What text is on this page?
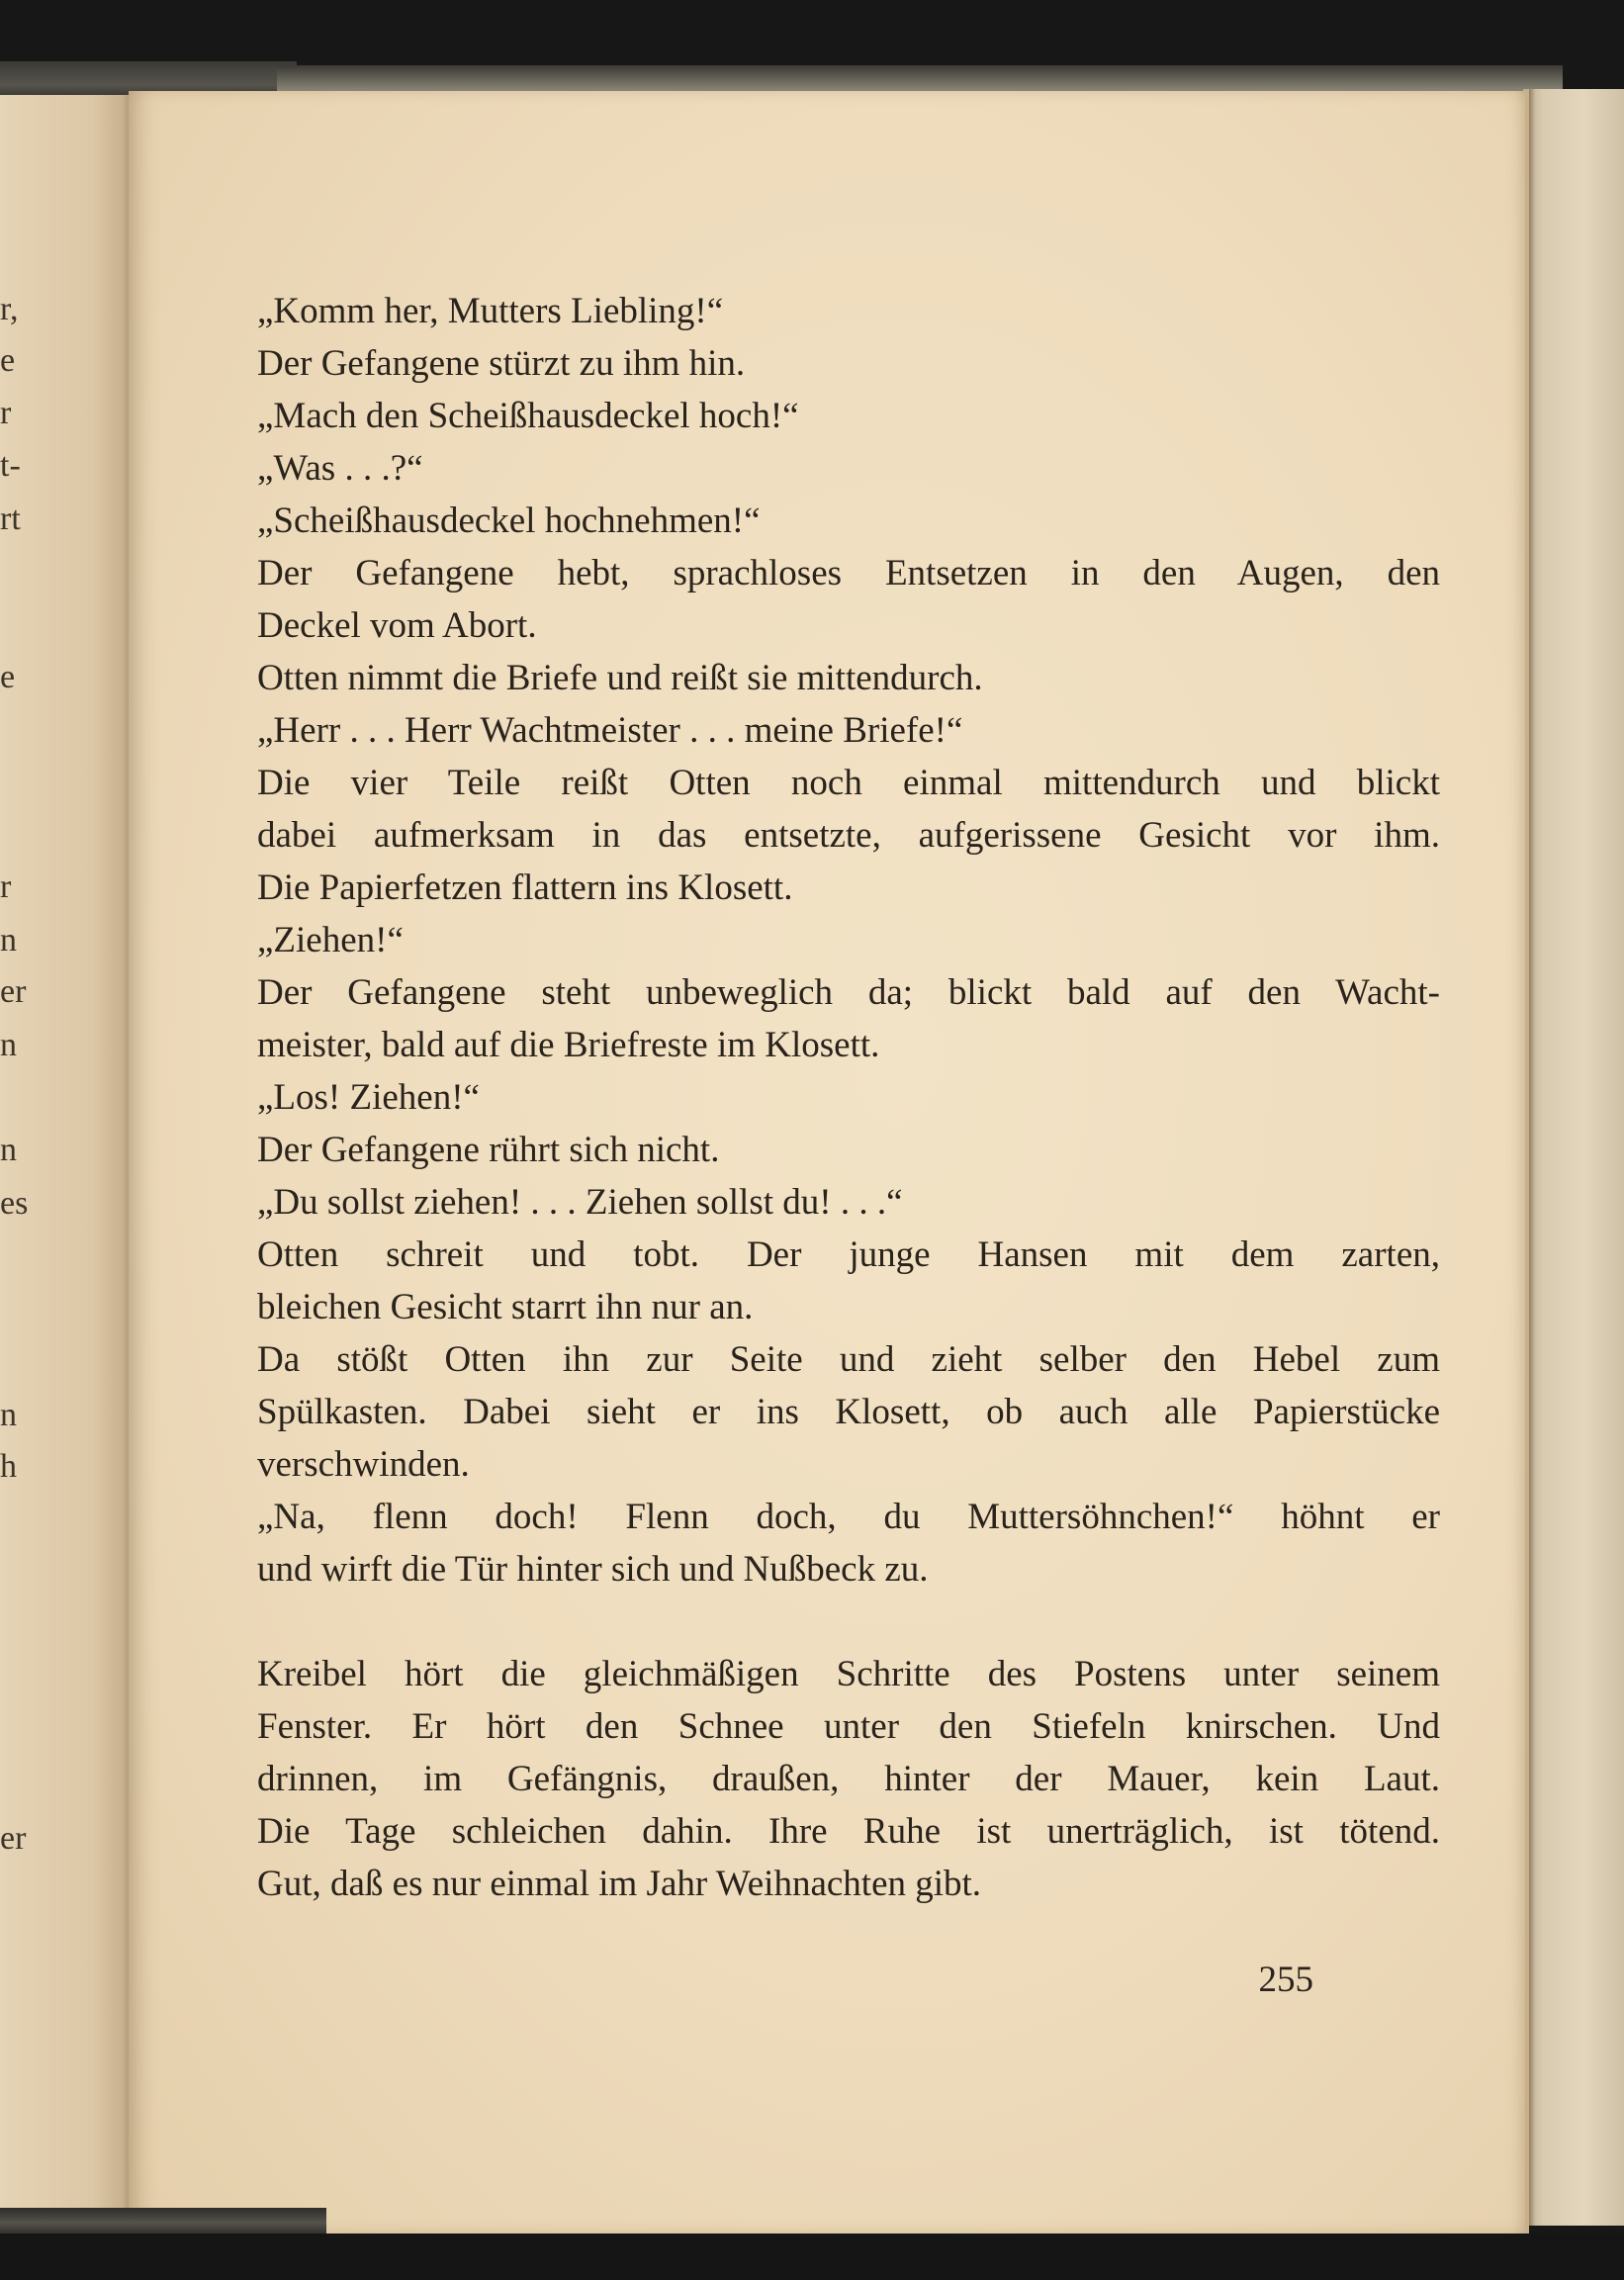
r,
e
r
t-
rt
e
r
n
er
n
n
es
n
h
er
„Komm her, Mutters Liebling!“
Der Gefangene stürzt zu ihm hin.
„Mach den Scheißhausdeckel hoch!“
„Was . . .?“
„Scheißhausdeckel hochnehmen!“
Der Gefangene hebt, sprachloses Entsetzen in den Augen, den
Deckel vom Abort.
Otten nimmt die Briefe und reißt sie mittendurch.
„Herr . . . Herr Wachtmeister . . . meine Briefe!“
Die vier Teile reißt Otten noch einmal mittendurch und blickt
dabei aufmerksam in das entsetzte, aufgerissene Gesicht vor ihm.
Die Papierfetzen flattern ins Klosett.
„Ziehen!“
Der Gefangene steht unbeweglich da; blickt bald auf den Wacht-
meister, bald auf die Briefreste im Klosett.
„Los! Ziehen!“
Der Gefangene rührt sich nicht.
„Du sollst ziehen! . . . Ziehen sollst du! . . .“
Otten schreit und tobt. Der junge Hansen mit dem zarten,
bleichen Gesicht starrt ihn nur an.
Da stößt Otten ihn zur Seite und zieht selber den Hebel zum
Spülkasten. Dabei sieht er ins Klosett, ob auch alle Papierstücke
verschwinden.
„Na, flenn doch! Flenn doch, du Muttersöhnchen!“ höhnt er
und wirft die Tür hinter sich und Nußbeck zu.
Kreibel hört die gleichmäßigen Schritte des Postens unter seinem
Fenster. Er hört den Schnee unter den Stiefeln knirschen. Und
drinnen, im Gefängnis, draußen, hinter der Mauer, kein Laut.
Die Tage schleichen dahin. Ihre Ruhe ist unerträglich, ist tötend.
Gut, daß es nur einmal im Jahr Weihnachten gibt.
255
